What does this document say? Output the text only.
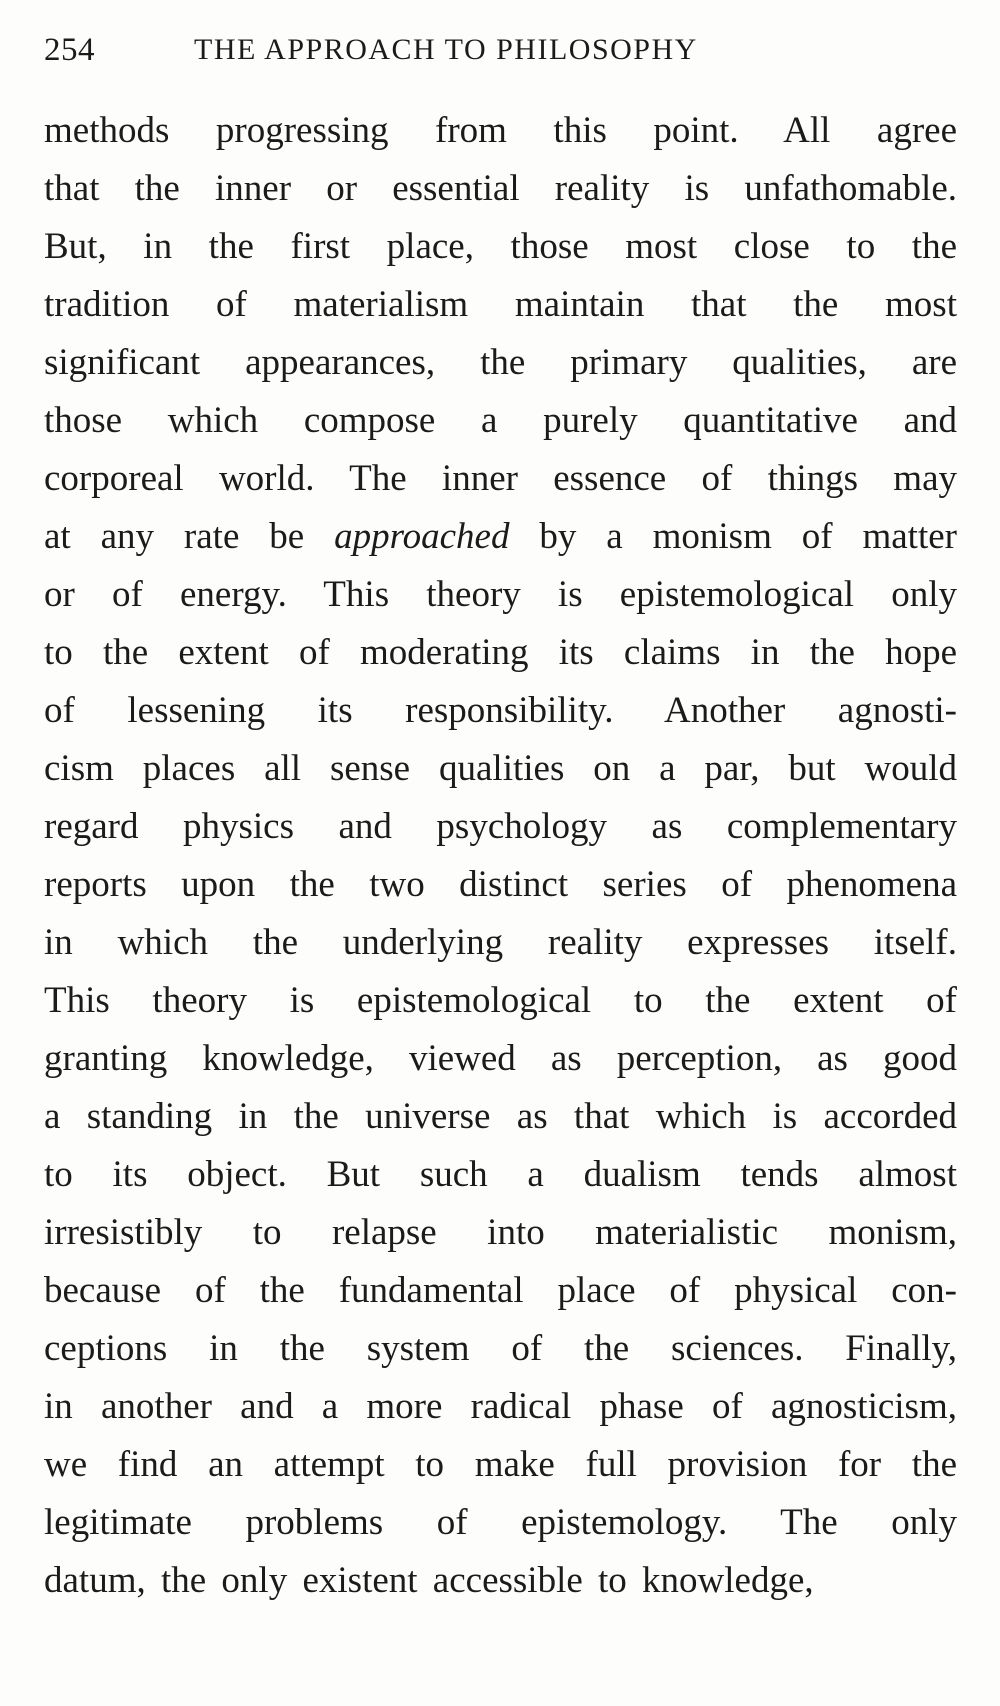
254	THE APPROACH TO PHILOSOPHY
methods progressing from this point. All agree
that the inner or essential reality is unfathomable.
But, in the first place, those most close to the
tradition of materialism maintain that the most
significant appearances, the primary qualities, are
those which compose a purely quantitative and
corporeal world. The inner essence of things may
at any rate be approached by a monism of matter
or of energy. This theory is epistemological only
to the extent of moderating its claims in the hope
of lessening its responsibility. Another agnosti-
cism places all sense qualities on a par, but would
regard physics and psychology as complementary
reports upon the two distinct series of phenomena
in which the underlying reality expresses itself.
This theory is epistemological to the extent of
granting knowledge, viewed as perception, as good
a standing in the universe as that which is accorded
to its object. But such a dualism tends almost
irresistibly to relapse into materialistic monism,
because of the fundamental place of physical con-
ceptions in the system of the sciences. Finally,
in another and a more radical phase of agnosticism,
we find an attempt to make full provision for the
legitimate problems of epistemology. The only
datum, the only existent accessible to knowledge,
